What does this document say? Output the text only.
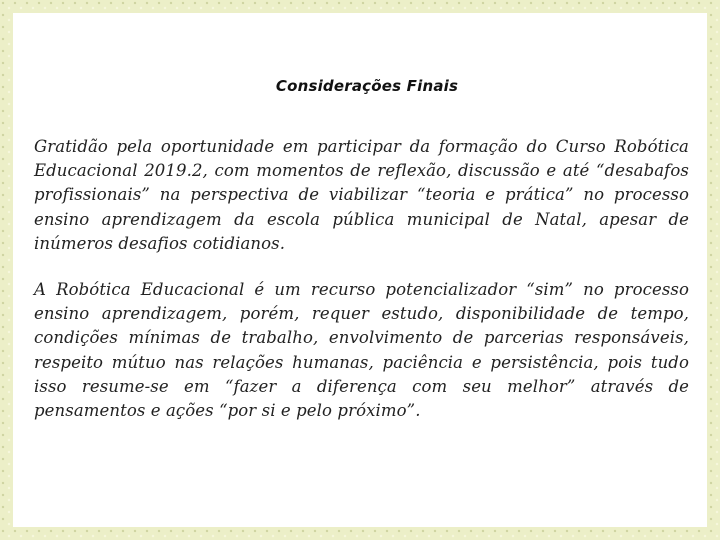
Considerações Finais

Gratidão pela oportunidade em participar da formação do Curso Robótica Educacional 2019.2, com momentos de reflexão, discussão e até “desabafos profissionais” na perspectiva de viabilizar “teoria e prática” no processo ensino aprendizagem da escola pública municipal de Natal, apesar de inúmeros desafios cotidianos.

A Robótica Educacional é um recurso potencializador “sim” no processo ensino aprendizagem, porém, requer estudo, disponibilidade de tempo, condições mínimas de trabalho, envolvimento de parcerias responsáveis, respeito mútuo nas relações humanas, paciência e persistência, pois tudo isso resume-se em “fazer a diferença com seu melhor” através de pensamentos e ações “por si e pelo próximo”.
